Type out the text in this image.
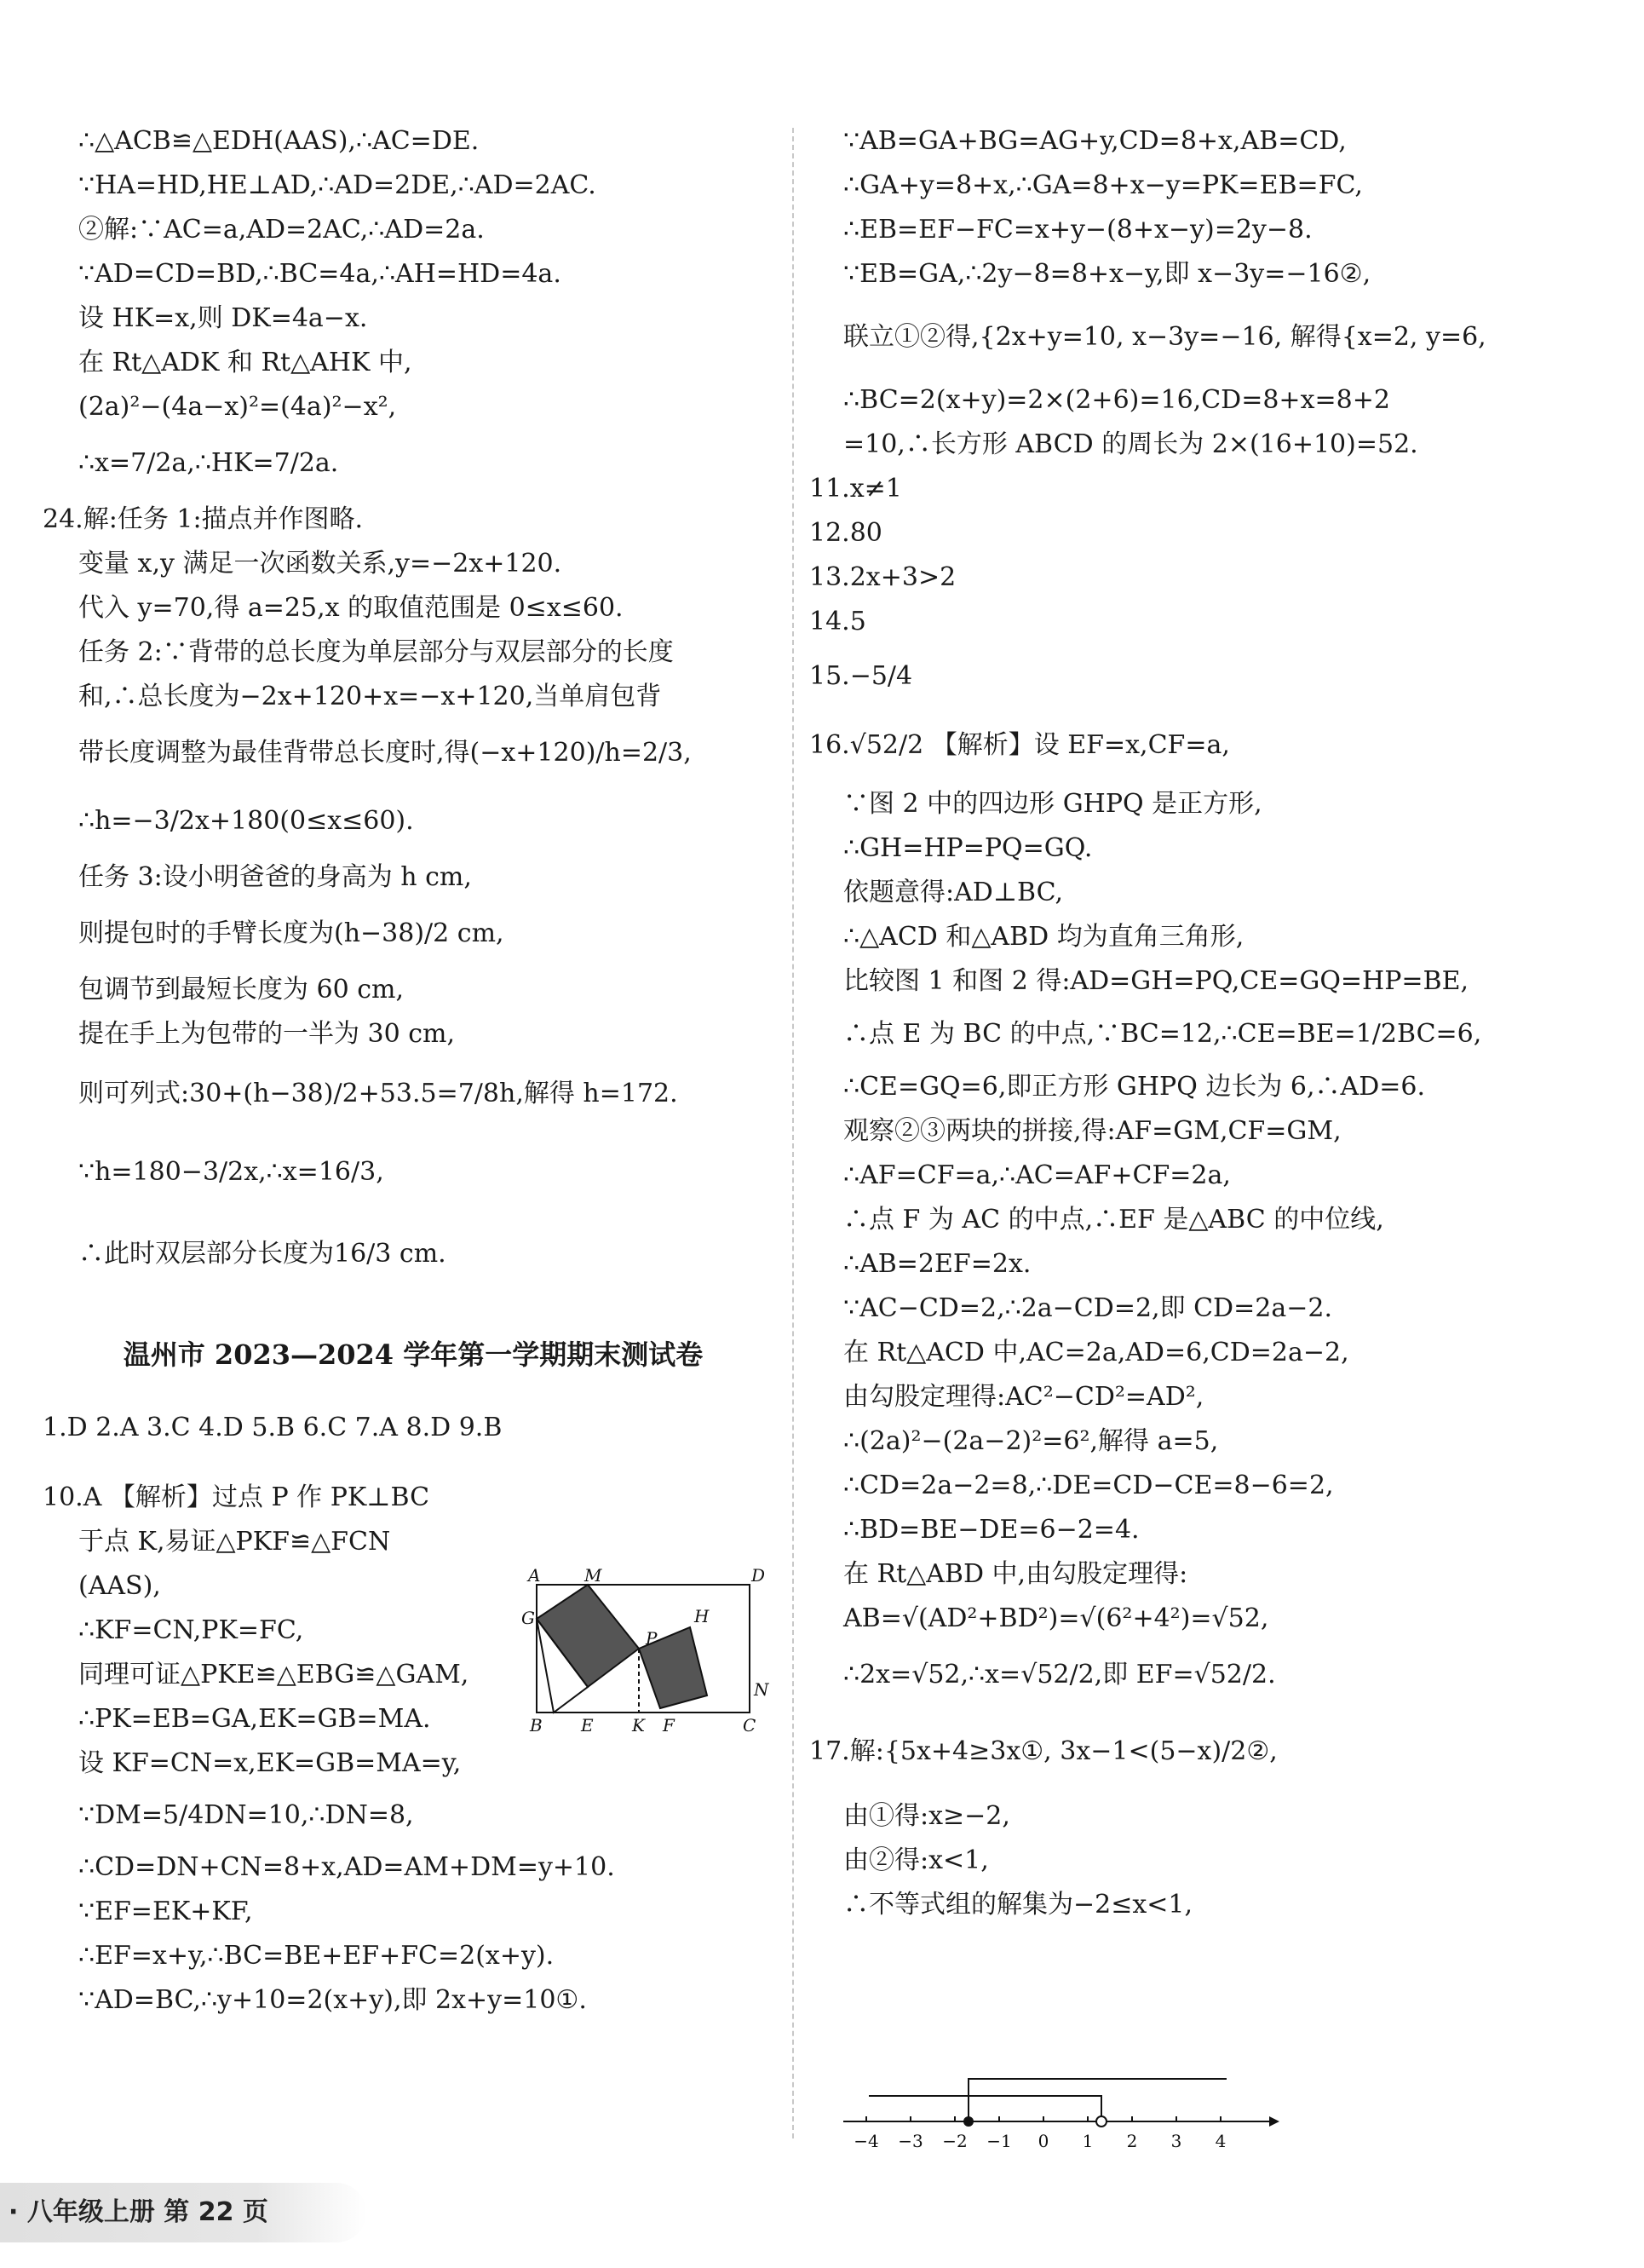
∴△ACB≌△EDH(AAS),∴AC=DE.

∵HA=HD,HE⊥AD,∴AD=2DE,∴AD=2AC.

②解:∵AC=a,AD=2AC,∴AD=2a.

∵AD=CD=BD,∴BC=4a,∴AH=HD=4a.

设 HK=x,则 DK=4a−x.

在 Rt△ADK 和 Rt△AHK 中,

(2a)²−(4a−x)²=(4a)²−x²,

∴x=7/2a,∴HK=7/2a.

24.解:任务 1:描点并作图略.

变量 x,y 满足一次函数关系,y=−2x+120.

代入 y=70,得 a=25,x 的取值范围是 0≤x≤60.

任务 2:∵背带的总长度为单层部分与双层部分的长度

和,∴总长度为−2x+120+x=−x+120,当单肩包背

带长度调整为最佳背带总长度时,得(−x+120)/h=2/3,

∴h=−3/2x+180(0≤x≤60).

任务 3:设小明爸爸的身高为 h cm,

则提包时的手臂长度为(h−38)/2 cm,

包调节到最短长度为 60 cm,

提在手上为包带的一半为 30 cm,

则可列式:30+(h−38)/2+53.5=7/8h,解得 h=172.

∵h=180−3/2x,∴x=16/3,

∴此时双层部分长度为16/3 cm.

温州市 2023—2024 学年第一学期期末测试卷

1.D 2.A 3.C 4.D 5.B 6.C 7.A 8.D 9.B

10.A 【解析】过点 P 作 PK⊥BC

于点 K,易证△PKF≌△FCN

(AAS),

∴KF=CN,PK=FC,

同理可证△PKE≌△EBG≌△GAM,

∴PK=EB=GA,EK=GB=MA.

设 KF=CN=x,EK=GB=MA=y,

∵DM=5/4DN=10,∴DN=8,

∴CD=DN+CN=8+x,AD=AM+DM=y+10.

∵EF=EK+KF,

∴EF=x+y,∴BC=BE+EF+FC=2(x+y).

∵AD=BC,∴y+10=2(x+y),即 2x+y=10①.

A	M	D
G	H
P
N
B E K F	C

∵AB=GA+BG=AG+y,CD=8+x,AB=CD,

∴GA+y=8+x,∴GA=8+x−y=PK=EB=FC,

∴EB=EF−FC=x+y−(8+x−y)=2y−8.

∵EB=GA,∴2y−8=8+x−y,即 x−3y=−16②,

联立①②得,{2x+y=10, x−3y=−16, 解得{x=2, y=6,

∴BC=2(x+y)=2×(2+6)=16,CD=8+x=8+2

=10,∴长方形 ABCD 的周长为 2×(16+10)=52.

11.x≠1

12.80

13.2x+3>2

14.5

15.−5/4

16.√52/2 【解析】设 EF=x,CF=a,

∵图 2 中的四边形 GHPQ 是正方形,

∴GH=HP=PQ=GQ.

依题意得:AD⊥BC,

∴△ACD 和△ABD 均为直角三角形,

比较图 1 和图 2 得:AD=GH=PQ,CE=GQ=HP=BE,

∴点 E 为 BC 的中点,∵BC=12,∴CE=BE=1/2BC=6,

∴CE=GQ=6,即正方形 GHPQ 边长为 6,∴AD=6.

观察②③两块的拼接,得:AF=GM,CF=GM,

∴AF=CF=a,∴AC=AF+CF=2a,

∴点 F 为 AC 的中点,∴EF 是△ABC 的中位线,

∴AB=2EF=2x.

∵AC−CD=2,∴2a−CD=2,即 CD=2a−2.

在 Rt△ACD 中,AC=2a,AD=6,CD=2a−2,

由勾股定理得:AC²−CD²=AD²,

∴(2a)²−(2a−2)²=6²,解得 a=5,

∴CD=2a−2=8,∴DE=CD−CE=8−6=2,

∴BD=BE−DE=6−2=4.

在 Rt△ABD 中,由勾股定理得:

AB=√(AD²+BD²)=√(6²+4²)=√52,

∴2x=√52,∴x=√52/2,即 EF=√52/2.

17.解:{5x+4≥3x①, 3x−1<(5−x)/2②,

由①得:x≥−2,

由②得:x<1,

∴不等式组的解集为−2≤x<1,

−4 −3 −2 −1 0 1 2 3 4
· 八年级上册 第 22 页
